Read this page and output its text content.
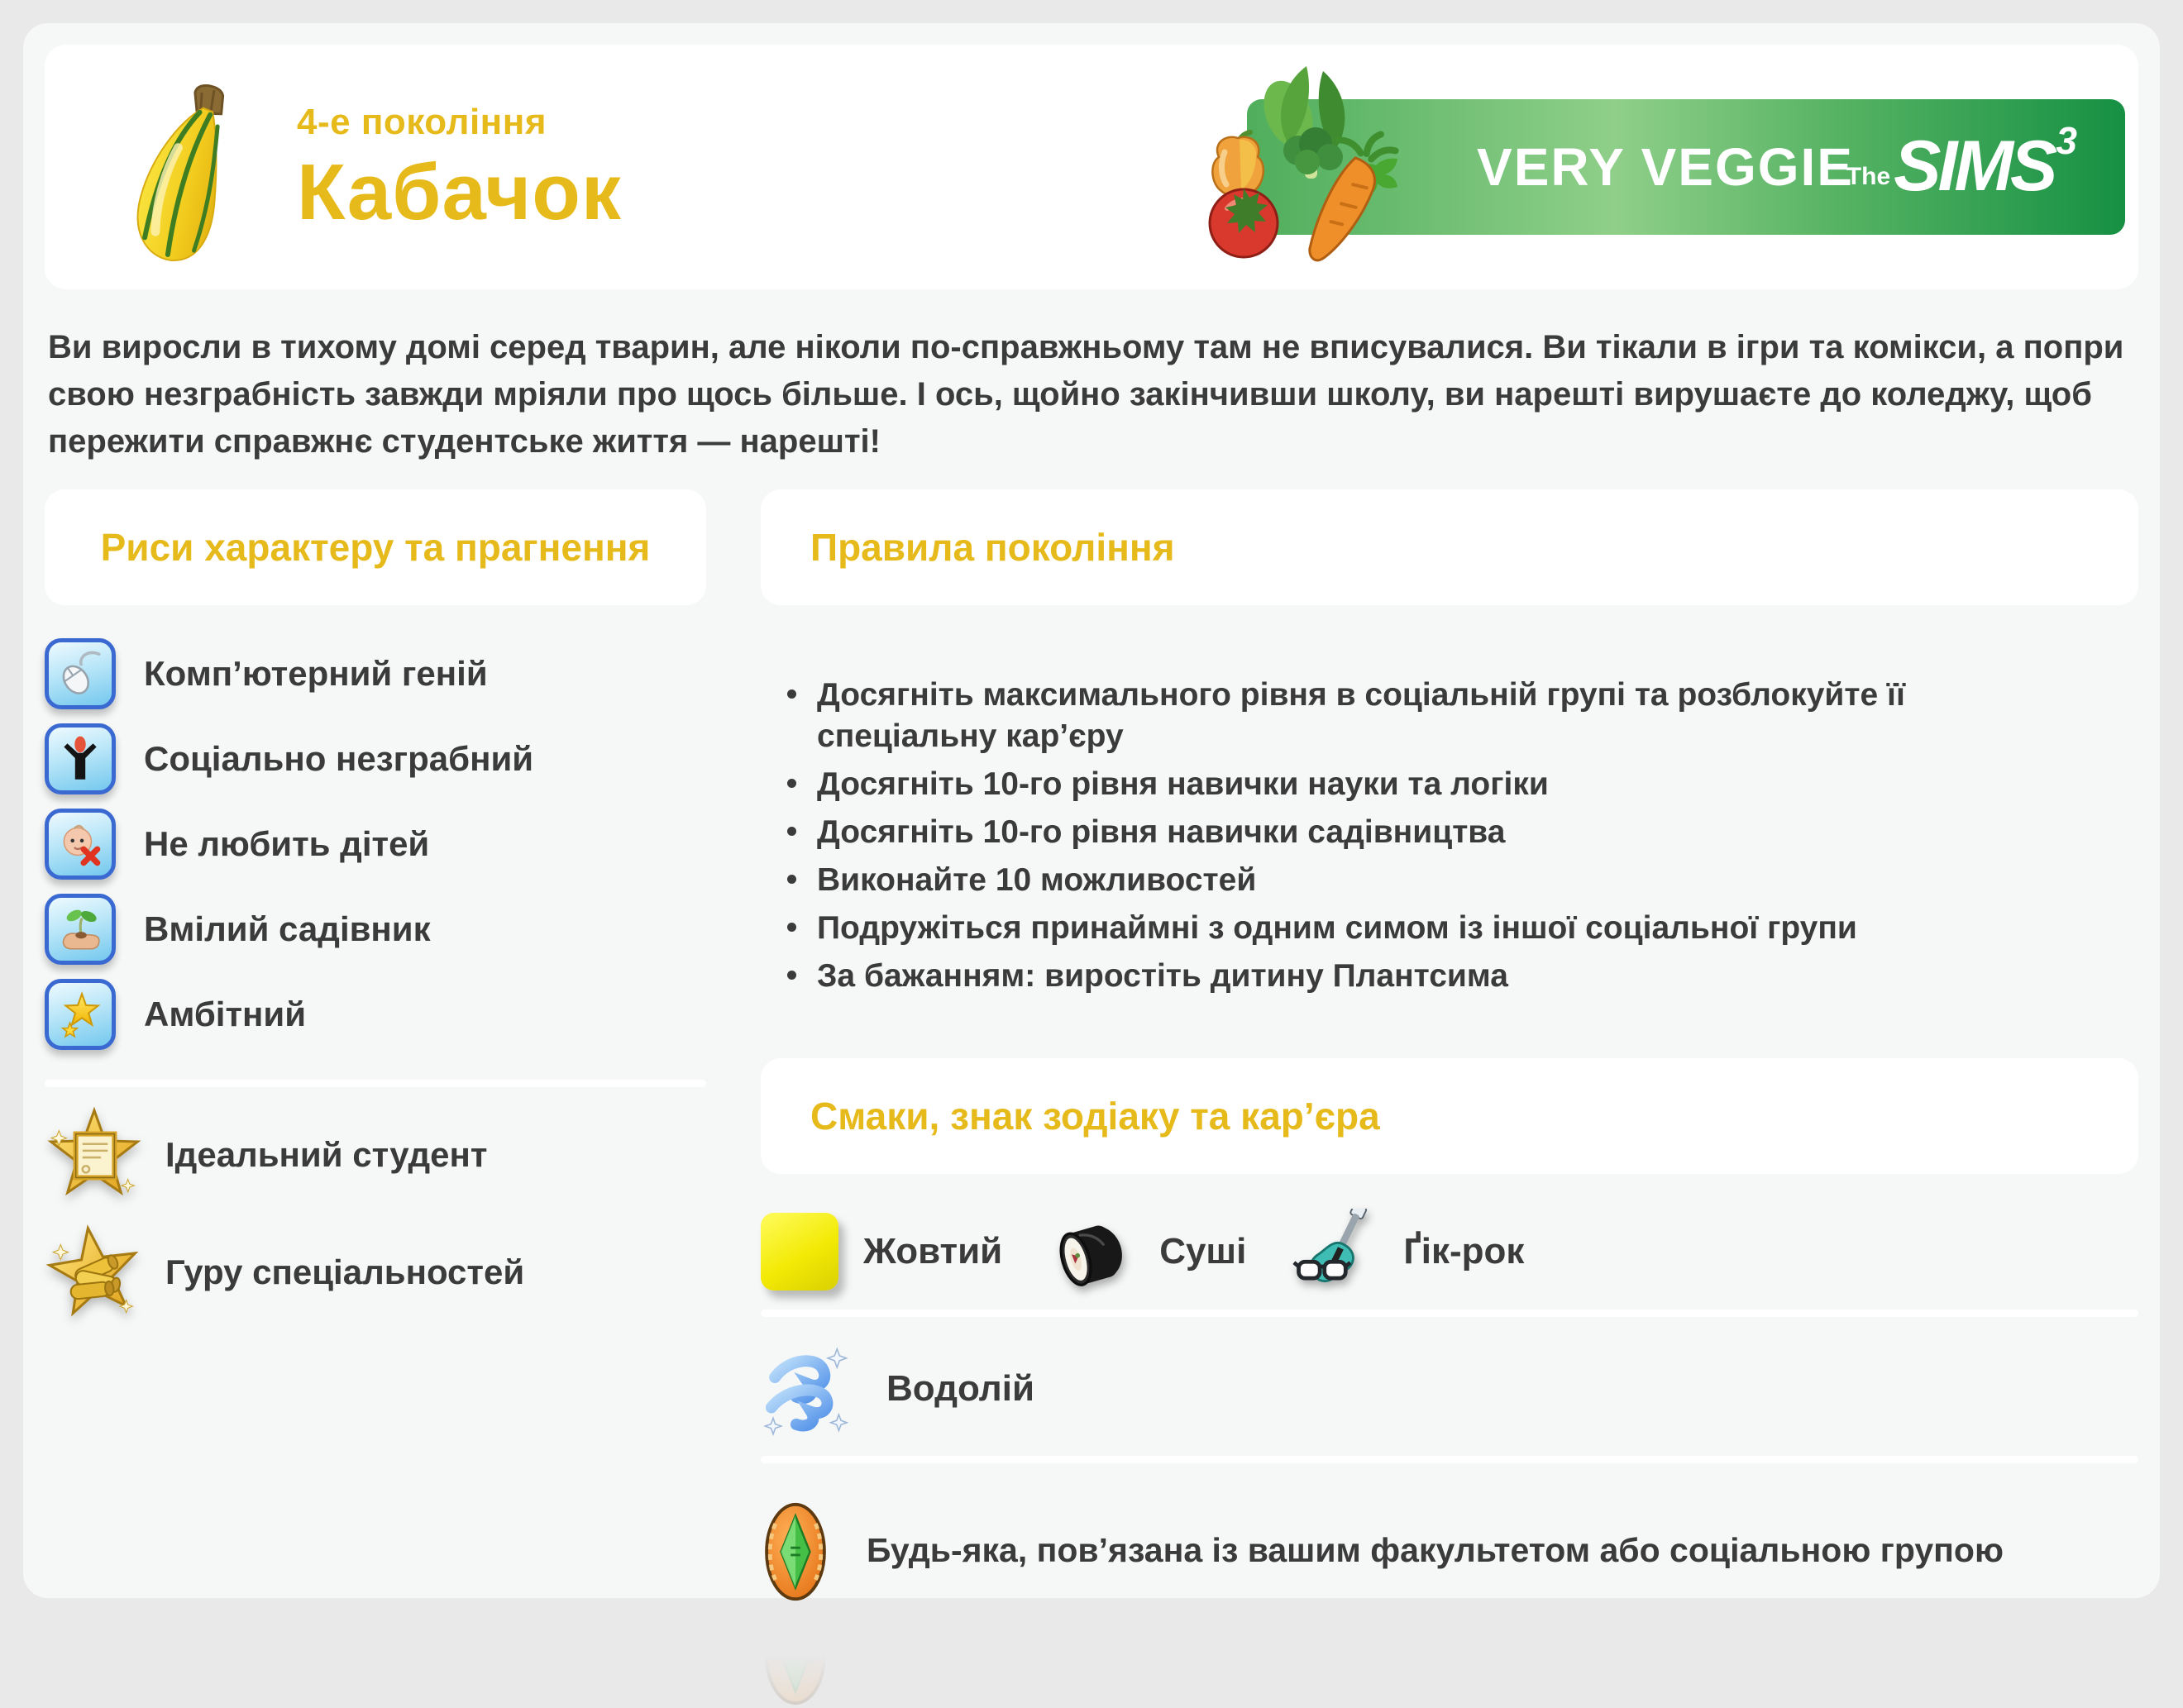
4-е покоління
Кабачок	VERY VEGGIE
The SIMS 3

Ви виросли в тихому домі серед тварин, але ніколи по-справжньому там не вписувалися. Ви тікали в ігри та комікси, а попри свою незграбність завжди мріяли про щось більше. І ось, щойно закінчивши школу, ви нарешті вирушаєте до коледжу, щоб пережити справжнє студентське життя — нарешті!

Риси характеру та прагнення
Комп’ютерний геній
Соціально незграбний
Не любить дітей
Вмілий садівник
Амбітний
Ідеальний студент
Гуру спеціальностей
Правила покоління
Досягніть максимального рівня в соціальній групі та розблокуйте її спеціальну кар’єру
Досягніть 10-го рівня навички науки та логіки
Досягніть 10-го рівня навички садівництва
Виконайте 10 можливостей
Подружіться принаймні з одним симом із іншої соціальної групи
За бажанням: виростіть дитину Плантсима
Смаки, знак зодіаку та кар’єра
Жовтий	Суші	Ґік-рок
Водолій
Будь-яка, пов’язана із вашим факультетом або соціальною групою
